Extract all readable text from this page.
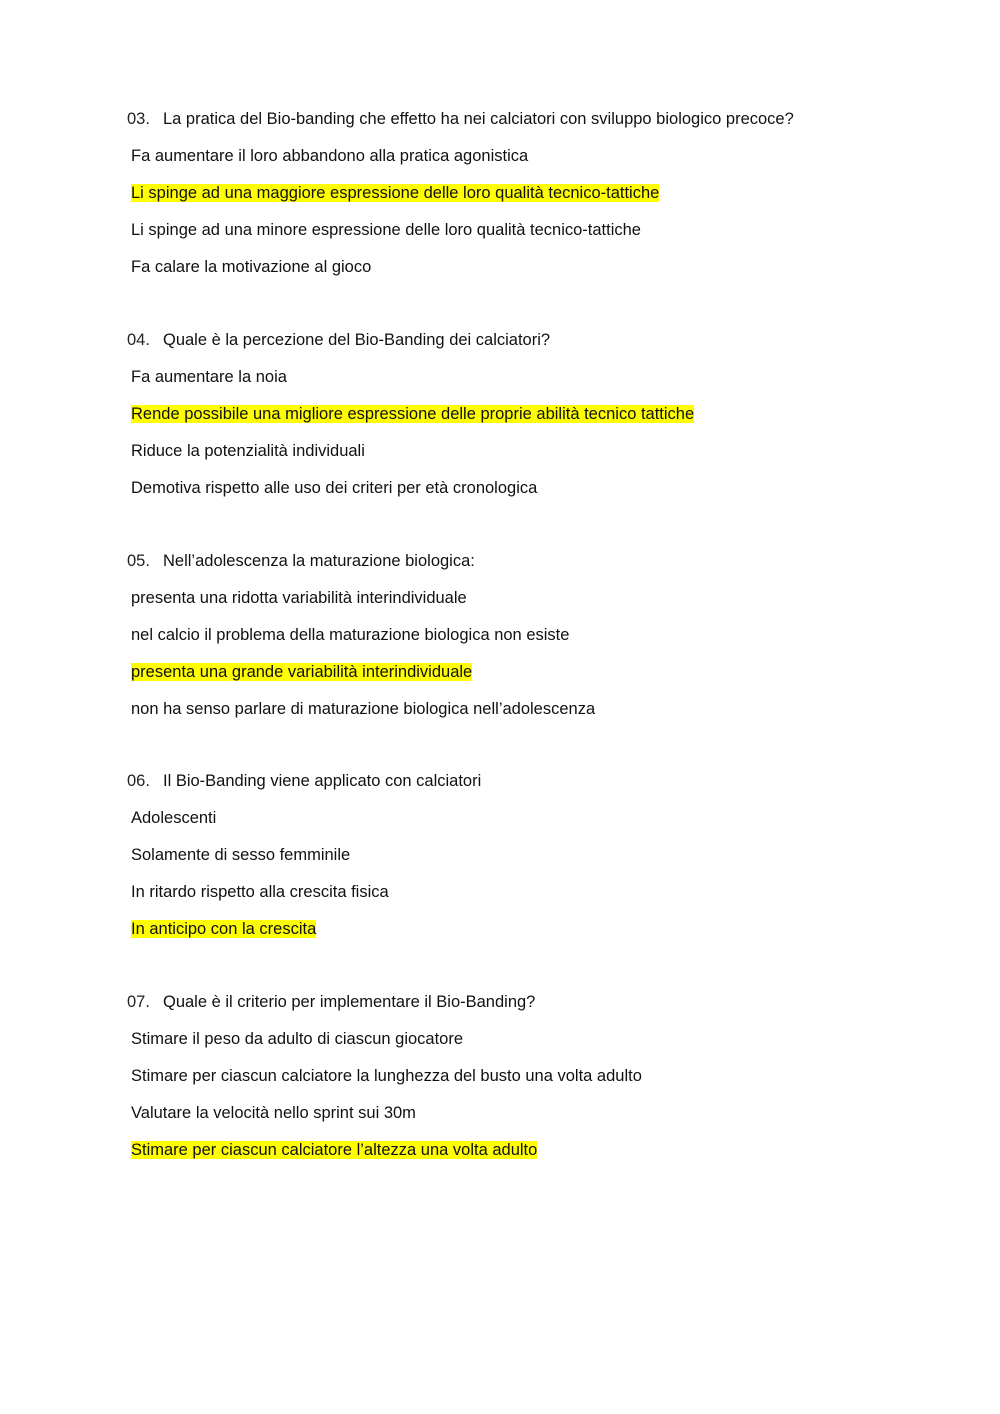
03. La pratica del Bio-banding che effetto ha nei calciatori con sviluppo biologico precoce?
Fa aumentare il loro abbandono alla pratica agonistica
Li spinge ad una maggiore espressione delle loro qualità tecnico-tattiche
Li spinge ad una minore espressione delle loro qualità tecnico-tattiche
Fa calare la motivazione al gioco
04. Quale è la percezione del Bio-Banding dei calciatori?
Fa aumentare la noia
Rende possibile una migliore espressione delle proprie abilità tecnico tattiche
Riduce la potenzialità individuali
Demotiva rispetto alle uso dei criteri per età cronologica
05. Nell’adolescenza la maturazione biologica:
presenta una ridotta variabilità interindividuale
nel calcio il problema della maturazione biologica non esiste
presenta una grande variabilità interindividuale
non ha senso parlare di maturazione biologica nell’adolescenza
06. Il Bio-Banding viene applicato con calciatori
Adolescenti
Solamente di sesso femminile
In ritardo rispetto alla crescita fisica
In anticipo con la crescita
07. Quale è il criterio per implementare il Bio-Banding?
Stimare il peso da adulto di ciascun giocatore
Stimare per ciascun calciatore la lunghezza del busto una volta adulto
Valutare la velocità nello sprint sui 30m
Stimare per ciascun calciatore l’altezza una volta adulto
